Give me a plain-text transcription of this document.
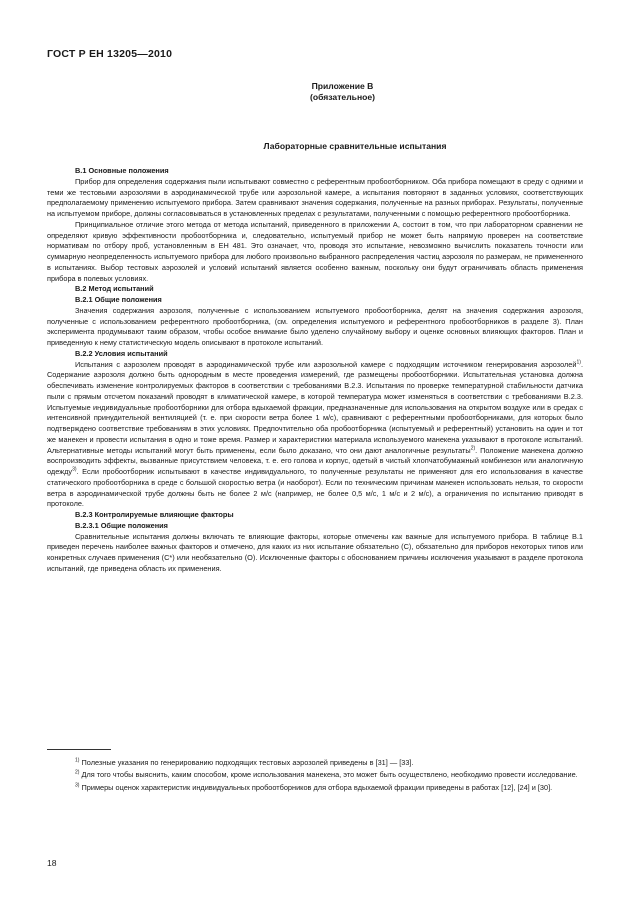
ГОСТ Р ЕН 13205—2010
Приложение В
(обязательное)
Лабораторные сравнительные испытания

В.1 Основные положения

Прибор для определения содержания пыли испытывают совместно с референтным пробоотборником. Оба прибора помещают в среду с одними и теми же тестовыми аэрозолями в аэродинамической трубе или аэрозольной камере, а испытания повторяют в заданных условиях, соответствующих предполагаемому применению испытуемого прибора. Затем сравнивают значения содержания, полученные на разных приборах. Результаты, полученные на испытуемом приборе, должны согласовываться в установленных пределах с результатами, полученными с помощью референтного пробоотборника.

Принципиальное отличие этого метода от метода испытаний, приведенного в приложении А, состоит в том, что при лабораторном сравнении не определяют кривую эффективности пробоотборника и, следовательно, испытуемый прибор не может быть напрямую проверен на соответствие нормативам по отбору проб, установленным в ЕН 481. Это означает, что, проводя это испытание, невозможно вычислить показатель точности или суммарную неопределенность испытуемого прибора для любого произвольно выбранного распределения частиц аэрозоля по размерам, не примененного в испытаниях. Выбор тестовых аэрозолей и условий испытаний является особенно важным, поскольку они будут ограничивать область применения прибора в полевых условиях.

В.2 Метод испытаний

В.2.1 Общие положения

Значения содержания аэрозоля, полученные с использованием испытуемого пробоотборника, делят на значения содержания аэрозоля, полученные с использованием референтного пробоотборника, (см. определения испытуемого и референтного пробоотборников в разделе 3). План эксперимента продумывают таким образом, чтобы особое внимание было уделено случайному выбору и оценке основных влияющих факторов. План и приведенную к нему статистическую модель описывают в протоколе испытаний.

В.2.2 Условия испытаний

Испытания с аэрозолем проводят в аэродинамической трубе или аэрозольной камере с подходящим источником генерирования аэрозолей$^{1)}$. Содержание аэрозоля должно быть однородным в месте проведения измерений, где размещены пробоотборники. Испытательная установка должна обеспечивать изменение контролируемых факторов в соответствии с требованиями В.2.3. Испытания по проверке температурной стабильности датчика пыли с прямым отсчетом показаний проводят в климатической камере, в которой температура может изменяться в соответствии с требованиями В.2.3. Испытуемые индивидуальные пробоотборники для отбора вдыхаемой фракции, предназначенные для использования на открытом воздухе или в средах с интенсивной принудительной вентиляцией (т. е. при скорости ветра более 1 м/с), сравнивают с референтными пробоотборниками, для которых было подтверждено соответствие требованиям в этих условиях. Предпочтительно оба пробоотборника (испытуемый и референтный) установить на один и тот же манекен и провести испытания в одно и тоже время. Размер и характеристики материала используемого манекена указывают в протоколе испытаний. Альтернативные методы испытаний могут быть применены, если было доказано, что они дают аналогичные результаты$^{2)}$. Положение манекена должно воспроизводить эффекты, вызванные присутствием человека, т. е. его голова и корпус, одетый в чистый хлопчатобумажный комбинезон или аналогичную одежду$^{3)}$. Если пробоотборник испытывают в качестве индивидуального, то полученные результаты не применяют для его использования в качестве статического пробоотборника в среде с большой скоростью ветра (и наоборот). Если по техническим причинам манекен использовать нельзя, то скорости ветра в аэродинамической трубе должны быть не более 2 м/с (например, не более 0,5 м/с, 1 м/с и 2 м/с), а ограничения по испытанию приводят в протоколе.

В.2.3 Контролируемые влияющие факторы

В.2.3.1 Общие положения

Сравнительные испытания должны включать те влияющие факторы, которые отмечены как важные для испытуемого прибора. В таблице В.1 приведен перечень наиболее важных факторов и отмечено, для каких из них испытание обязательно (С), обязательно для приборов некоторых типов или конкретных случаев применения (С*) или необязательно (О). Исключенные факторы с обоснованием причины исключения указывают в разделе протокола испытаний, где приведена область их применения.

$^{1)}$ Полезные указания по генерированию подходящих тестовых аэрозолей приведены в [31] — [33].

$^{2)}$ Для того чтобы выяснить, каким способом, кроме использования манекена, это может быть осуществлено, необходимо провести исследование.

$^{3)}$ Примеры оценок характеристик индивидуальных пробоотборников для отбора вдыхаемой фракции приведены в работах [12], [24] и [30].

18
